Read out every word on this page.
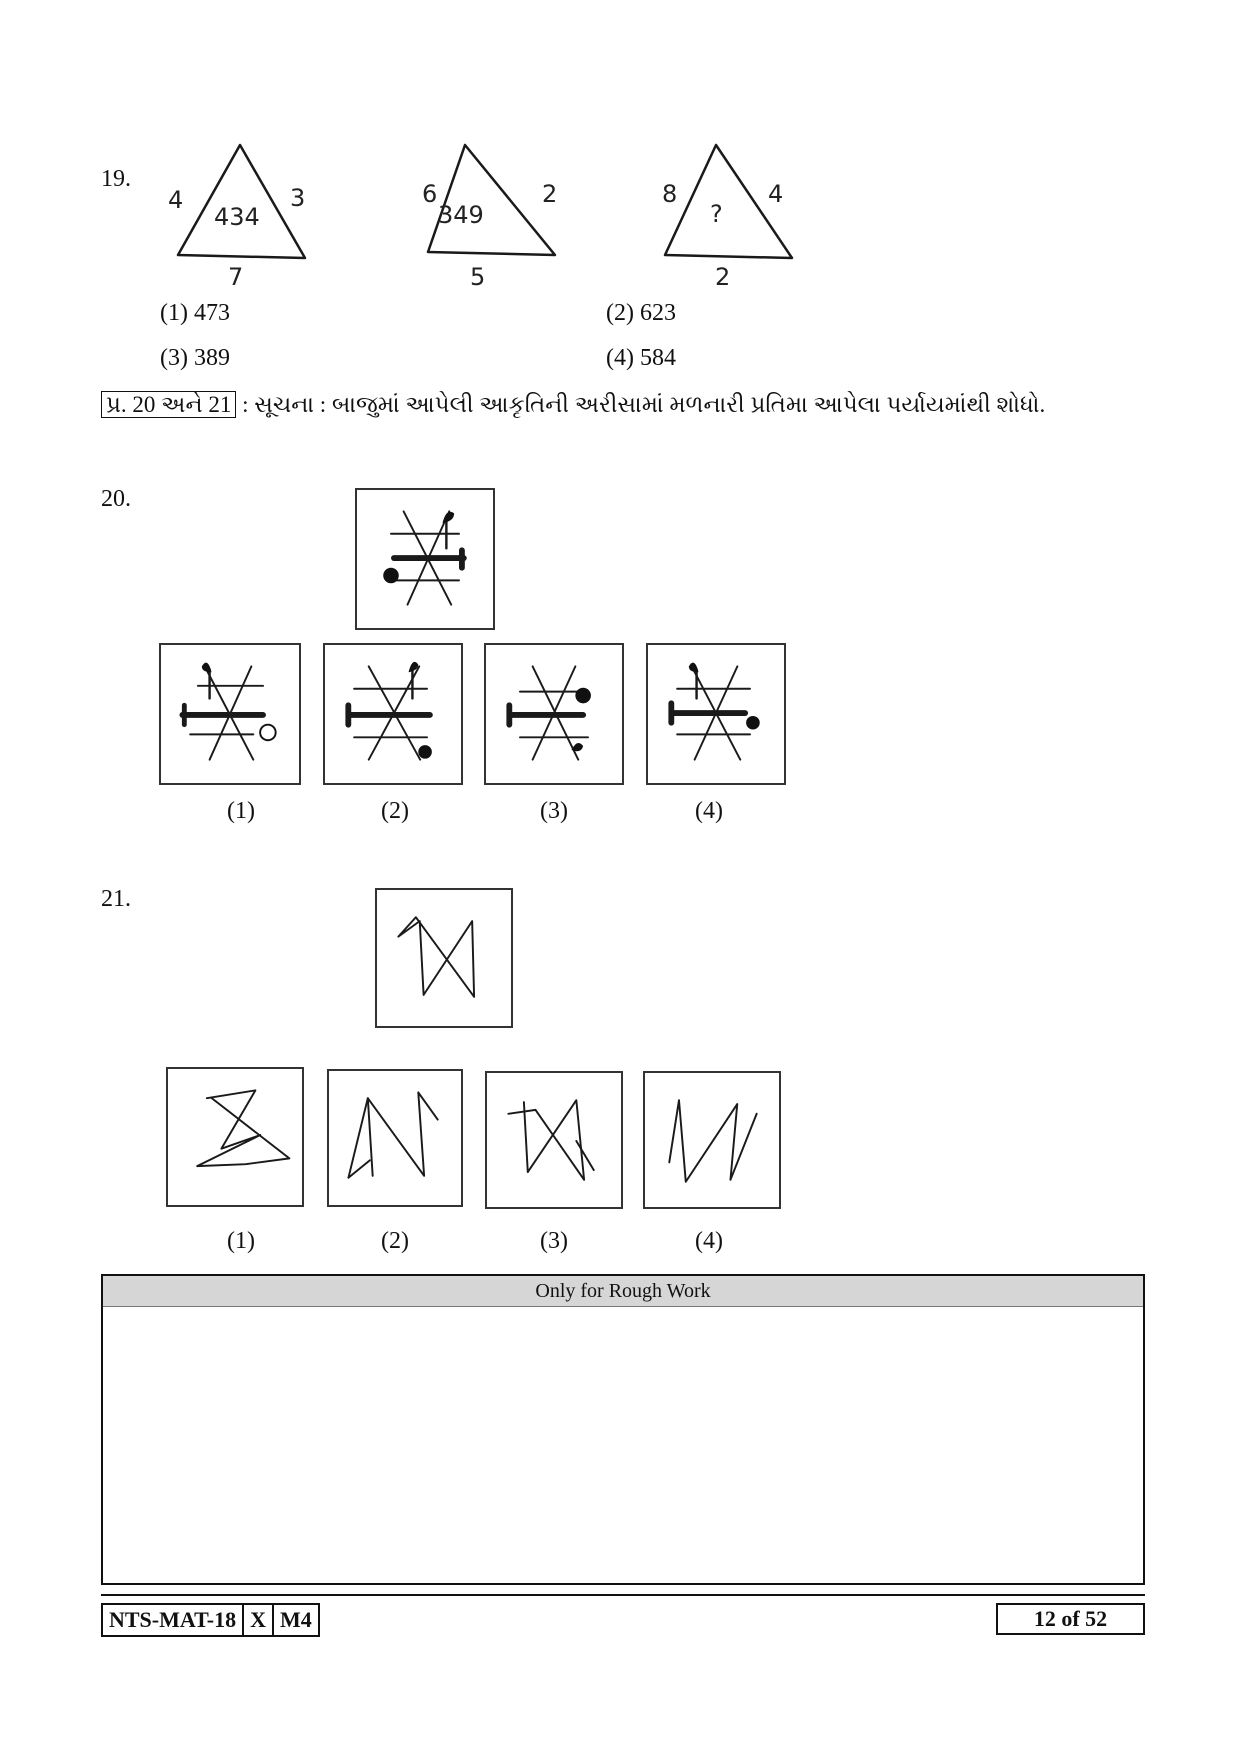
19.
4	3
7
434
6	2
5
349
8	4
2
?
(1) 473	(2) 623
(3) 389	(4) 584
પ્ર. 20 અને 21 : સૂચના : બાજુમાં આપેલી આકૃતિની અરીસામાં મળનારી પ્રતિમા આપેલા પર્યાયમાંથી શોધો.
20.
(1)	(2)	(3)	(4)
21.
(1)	(2)	(3)	(4)
Only for Rough Work
NTS-MAT-18	X	M4	12 of 52
